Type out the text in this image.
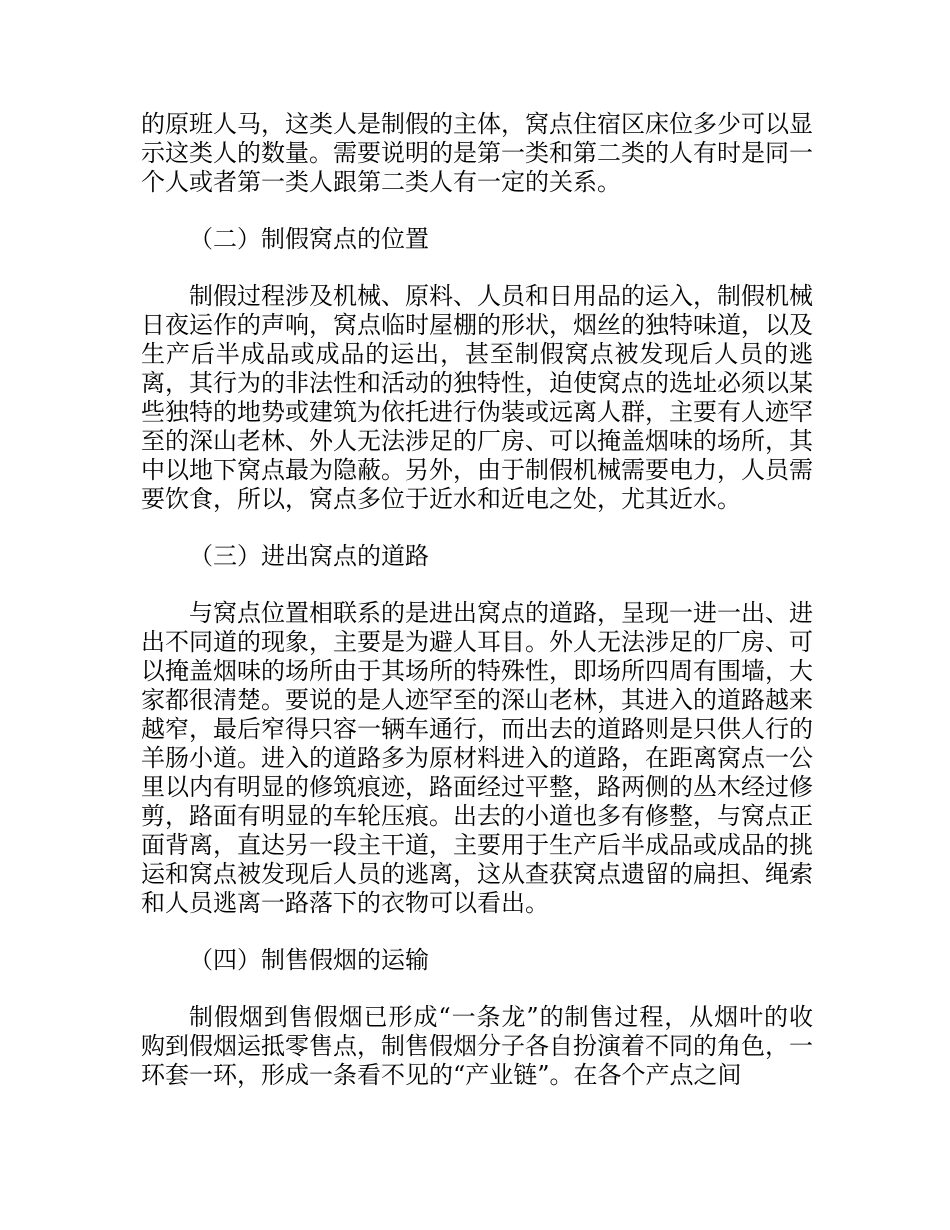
的原班人马，这类人是制假的主体，窝点住宿区床位多少可以显示这类人的数量。需要说明的是第一类和第二类的人有时是同一个人或者第一类人跟第二类人有一定的关系。

（二）制假窝点的位置

制假过程涉及机械、原料、人员和日用品的运入，制假机械日夜运作的声响，窝点临时屋棚的形状，烟丝的独特味道，以及生产后半成品或成品的运出，甚至制假窝点被发现后人员的逃离，其行为的非法性和活动的独特性，迫使窝点的选址必须以某些独特的地势或建筑为依托进行伪装或远离人群，主要有人迹罕至的深山老林、外人无法涉足的厂房、可以掩盖烟味的场所，其中以地下窝点最为隐蔽。另外，由于制假机械需要电力，人员需要饮食，所以，窝点多位于近水和近电之处，尤其近水。

（三）进出窝点的道路

与窝点位置相联系的是进出窝点的道路，呈现一进一出、进出不同道的现象，主要是为避人耳目。外人无法涉足的厂房、可以掩盖烟味的场所由于其场所的特殊性，即场所四周有围墙，大家都很清楚。要说的是人迹罕至的深山老林，其进入的道路越来越窄，最后窄得只容一辆车通行，而出去的道路则是只供人行的羊肠小道。进入的道路多为原材料进入的道路，在距离窝点一公里以内有明显的修筑痕迹，路面经过平整，路两侧的丛木经过修剪，路面有明显的车轮压痕。出去的小道也多有修整，与窝点正面背离，直达另一段主干道，主要用于生产后半成品或成品的挑运和窝点被发现后人员的逃离，这从查获窝点遗留的扁担、绳索和人员逃离一路落下的衣物可以看出。

（四）制售假烟的运输

制假烟到售假烟已形成“一条龙”的制售过程，从烟叶的收购到假烟运抵零售点，制售假烟分子各自扮演着不同的角色，一环套一环，形成一条看不见的“产业链”。在各个产点之间
